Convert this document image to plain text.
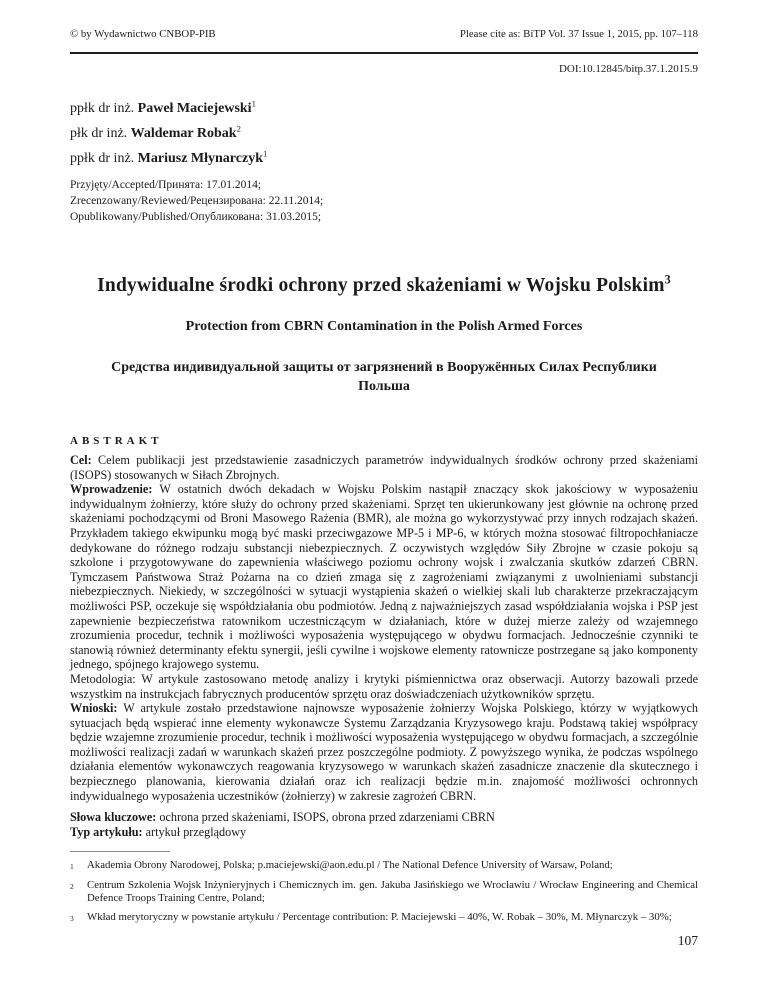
© by Wydawnictwo CNBOP-PIB	Please cite as: BiTP Vol. 37 Issue 1, 2015, pp. 107–118
DOI:10.12845/bitp.37.1.2015.9
ppłk dr inż. Paweł Maciejewski$^1$
płk dr inż. Waldemar Robak$^2$
ppłk dr inż. Mariusz Młynarczyk$^1$
Przyjęty/Accepted/Принята: 17.01.2014;
Zrecenzowany/Reviewed/Рецензирована: 22.11.2014;
Opublikowany/Published/Опубликована: 31.03.2015;
Indywidualne środki ochrony przed skażeniami w Wojsku Polskim$^3$
Protection from CBRN Contamination in the Polish Armed Forces
Средства индивидуальной защиты от загрязнений в Вооружённых Силах Республики Польша
ABSTRAKT

Cel: Celem publikacji jest przedstawienie zasadniczych parametrów indywidualnych środków ochrony przed skażeniami (ISOPS) stosowanych w Siłach Zbrojnych.

Wprowadzenie: W ostatnich dwóch dekadach w Wojsku Polskim nastąpił znaczący skok jakościowy w wyposażeniu indywidualnym żołnierzy, które służy do ochrony przed skażeniami. Sprzęt ten ukierunkowany jest głównie na ochronę przed skażeniami pochodzącymi od Broni Masowego Rażenia (BMR), ale można go wykorzystywać przy innych rodzajach skażeń. Przykładem takiego ekwipunku mogą być maski przeciwgazowe MP-5 i MP-6, w których można stosować filtropochłaniacze dedykowane do różnego rodzaju substancji niebezpiecznych. Z oczywistych względów Siły Zbrojne w czasie pokoju są szkolone i przygotowywane do zapewnienia właściwego poziomu ochrony wojsk i zwalczania skutków zdarzeń CBRN. Tymczasem Państwowa Straż Pożarna na co dzień zmaga się z zagrożeniami związanymi z uwolnieniami substancji niebezpiecznych. Niekiedy, w szczególności w sytuacji wystąpienia skażeń o wielkiej skali lub charakterze przekraczającym możliwości PSP, oczekuje się współdziałania obu podmiotów. Jedną z najważniejszych zasad współdziałania wojska i PSP jest zapewnienie bezpieczeństwa ratownikom uczestniczącym w działaniach, które w dużej mierze zależy od wzajemnego zrozumienia procedur, technik i możliwości wyposażenia występującego w obydwu formacjach. Jednocześnie czynniki te stanowią również determinanty efektu synergii, jeśli cywilne i wojskowe elementy ratownicze postrzegane są jako komponenty jednego, spójnego krajowego systemu.

Metodologia: W artykule zastosowano metodę analizy i krytyki piśmiennictwa oraz obserwacji. Autorzy bazowali przede wszystkim na instrukcjach fabrycznych producentów sprzętu oraz doświadczeniach użytkowników sprzętu.

Wnioski: W artykule zostało przedstawione najnowsze wyposażenie żołnierzy Wojska Polskiego, którzy w wyjątkowych sytuacjach będą wspierać inne elementy wykonawcze Systemu Zarządzania Kryzysowego kraju. Podstawą takiej współpracy będzie wzajemne zrozumienie procedur, technik i możliwości wyposażenia występującego w obydwu formacjach, a szczególnie możliwości realizacji zadań w warunkach skażeń przez poszczególne podmioty. Z powyższego wynika, że podczas wspólnego działania elementów wykonawczych reagowania kryzysowego w warunkach skażeń zasadnicze znaczenie dla skutecznego i bezpiecznego planowania, kierowania działań oraz ich realizacji będzie m.in. znajomość możliwości ochronnych indywidualnego wyposażenia uczestników (żołnierzy) w zakresie zagrożeń CBRN.

Słowa kluczowe: ochrona przed skażeniami, ISOPS, obrona przed zdarzeniami CBRN
Typ artykułu: artykuł przeglądowy
1	Akademia Obrony Narodowej, Polska; p.maciejewski@aon.edu.pl / The National Defence University of Warsaw, Poland;
2	Centrum Szkolenia Wojsk Inżynieryjnych i Chemicznych im. gen. Jakuba Jasińskiego we Wrocławiu / Wrocław Engineering and Chemical Defence Troops Training Centre, Poland;
3	Wkład merytoryczny w powstanie artykułu / Percentage contribution: P. Maciejewski – 40%, W. Robak – 30%, M. Młynarczyk – 30%;
107
